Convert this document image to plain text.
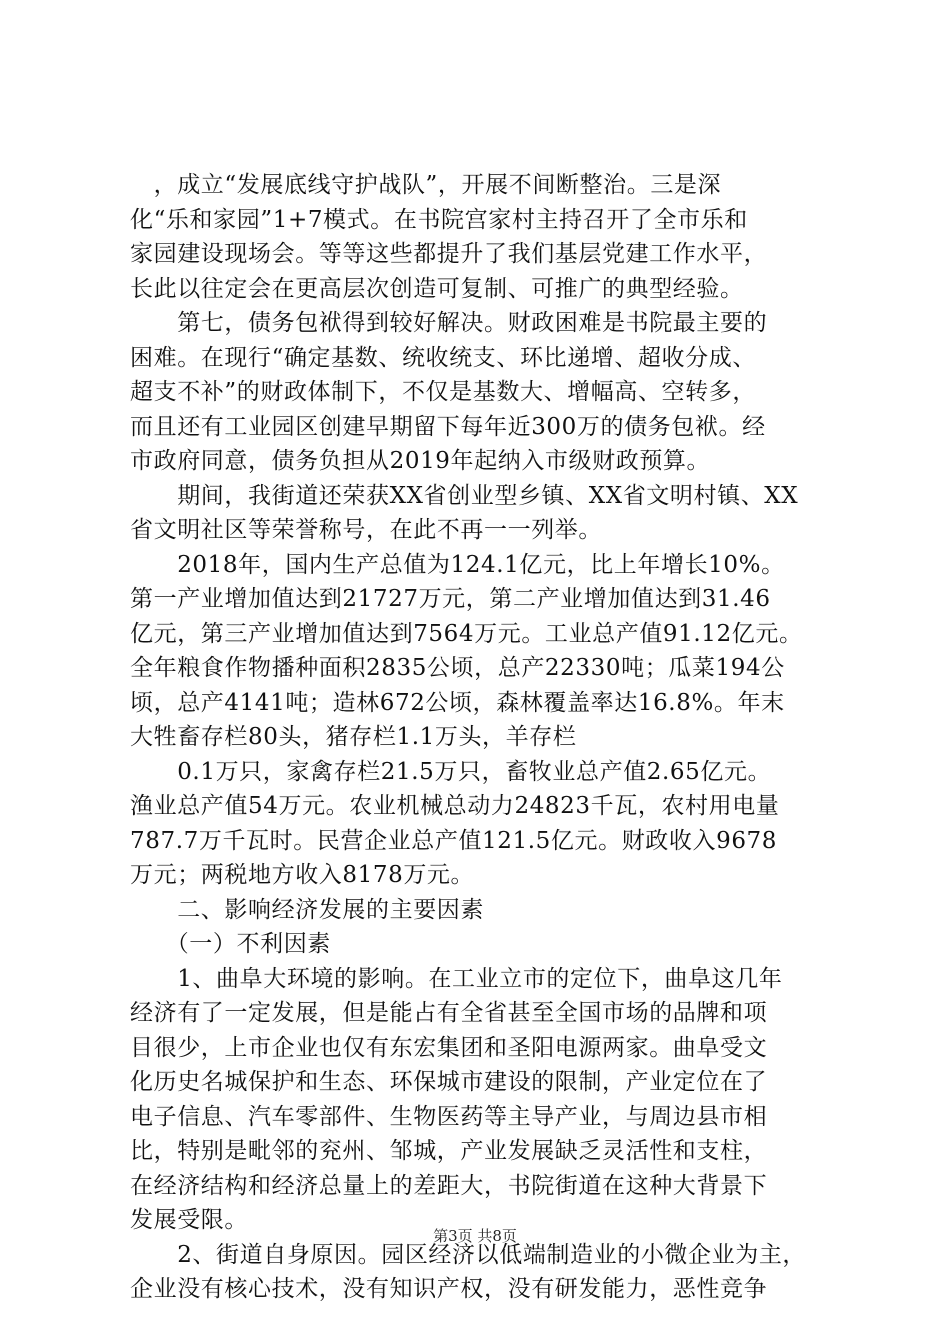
　，成立“发展底线守护战队”，开展不间断整治。三是深
化“乐和家园”1+7模式。在书院宫家村主持召开了全市乐和
家园建设现场会。等等这些都提升了我们基层党建工作水平，
长此以往定会在更高层次创造可复制、可推广的典型经验。
　　第七，债务包袱得到较好解决。财政困难是书院最主要的
困难。在现行“确定基数、统收统支、环比递增、超收分成、
超支不补”的财政体制下，不仅是基数大、增幅高、空转多，
而且还有工业园区创建早期留下每年近300万的债务包袱。经
市政府同意，债务负担从2019年起纳入市级财政预算。
　　期间，我街道还荣获XX省创业型乡镇、XX省文明村镇、XX
省文明社区等荣誉称号，在此不再一一列举。
　　2018年，国内生产总值为124.1亿元，比上年增长10%。
第一产业增加值达到21727万元，第二产业增加值达到31.46
亿元，第三产业增加值达到7564万元。工业总产值91.12亿元。
全年粮食作物播种面积2835公顷，总产22330吨；瓜菜194公
顷，总产4141吨；造林672公顷，森林覆盖率达16.8%。年末
大牲畜存栏80头，猪存栏1.1万头，羊存栏
　　0.1万只，家禽存栏21.5万只，畜牧业总产值2.65亿元。
渔业总产值54万元。农业机械总动力24823千瓦，农村用电量
787.7万千瓦时。民营企业总产值121.5亿元。财政收入9678
万元；两税地方收入8178万元。
　　二、影响经济发展的主要因素
　　（一）不利因素
　　1、曲阜大环境的影响。在工业立市的定位下，曲阜这几年
经济有了一定发展，但是能占有全省甚至全国市场的品牌和项
目很少，上市企业也仅有东宏集团和圣阳电源两家。曲阜受文
化历史名城保护和生态、环保城市建设的限制，产业定位在了
电子信息、汽车零部件、生物医药等主导产业，与周边县市相
比，特别是毗邻的兖州、邹城，产业发展缺乏灵活性和支柱，
在经济结构和经济总量上的差距大，书院街道在这种大背景下
发展受限。
　　2、街道自身原因。园区经济以低端制造业的小微企业为主，
企业没有核心技术，没有知识产权，没有研发能力，恶性竞争
第3页 共8页
